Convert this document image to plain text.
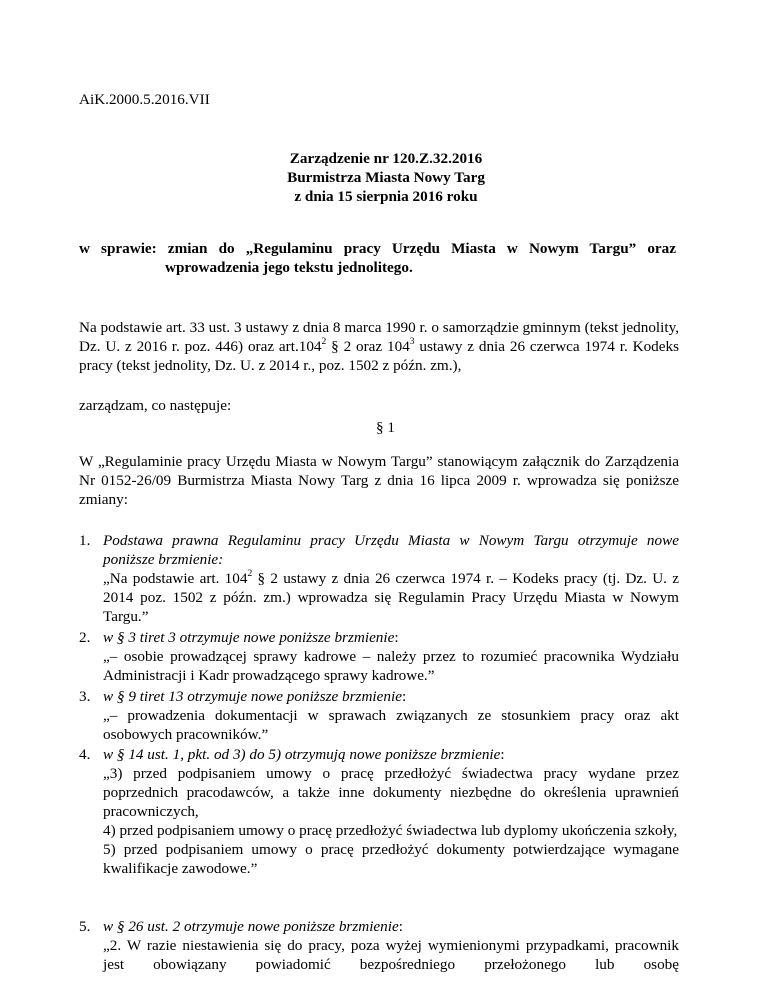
AiK.2000.5.2016.VII
Zarządzenie nr 120.Z.32.2016
Burmistrza Miasta Nowy Targ
z dnia 15 sierpnia 2016 roku
w sprawie: zmian do „Regulaminu pracy Urzędu Miasta w Nowym Targu” oraz
wprowadzenia jego tekstu jednolitego.
Na podstawie art. 33 ust. 3 ustawy z dnia 8 marca 1990 r. o samorządzie gminnym (tekst jednolity, Dz. U. z 2016 r. poz. 446) oraz art.104$^2$ § 2 oraz $104^3$ ustawy z dnia 26 czerwca 1974 r. Kodeks pracy (tekst jednolity, Dz. U. z 2014 r., poz. 1502 z późn. zm.),
zarządzam, co następuje:
§ 1
W „Regulaminie pracy Urzędu Miasta w Nowym Targu” stanowiącym załącznik do Zarządzenia Nr 0152-26/09 Burmistrza Miasta Nowy Targ z dnia 16 lipca 2009 r. wprowadza się poniższe zmiany:
1. Podstawa prawna Regulaminu pracy Urzędu Miasta w Nowym Targu otrzymuje nowe poniższe brzmienie:
„Na podstawie art. $104^2$ § 2 ustawy z dnia 26 czerwca 1974 r. – Kodeks pracy (tj. Dz. U. z 2014 poz. 1502 z późn. zm.) wprowadza się Regulamin Pracy Urzędu Miasta w Nowym Targu.”
2. w § 3 tiret 3 otrzymuje nowe poniższe brzmienie:
„– osobie prowadzącej sprawy kadrowe – należy przez to rozumieć pracownika Wydziału Administracji i Kadr prowadzącego sprawy kadrowe.”
3. w § 9 tiret 13 otrzymuje nowe poniższe brzmienie:
„– prowadzenia dokumentacji w sprawach związanych ze stosunkiem pracy oraz akt osobowych pracowników.”
4. w § 14 ust. 1, pkt. od 3) do 5) otrzymują nowe poniższe brzmienie:
„3) przed podpisaniem umowy o pracę przedłożyć świadectwa pracy wydane przez poprzednich pracodawców, a także inne dokumenty niezbędne do określenia uprawnień pracowniczych,
4) przed podpisaniem umowy o pracę przedłożyć świadectwa lub dyplomy ukończenia szkoły,
5) przed podpisaniem umowy o pracę przedłożyć dokumenty potwierdzające wymagane kwalifikacje zawodowe.”
5. w § 26 ust. 2 otrzymuje nowe poniższe brzmienie:
„2. W razie niestawienia się do pracy, poza wyżej wymienionymi przypadkami, pracownik jest obowiązany powiadomić bezpośredniego przełożonego lub osobę
